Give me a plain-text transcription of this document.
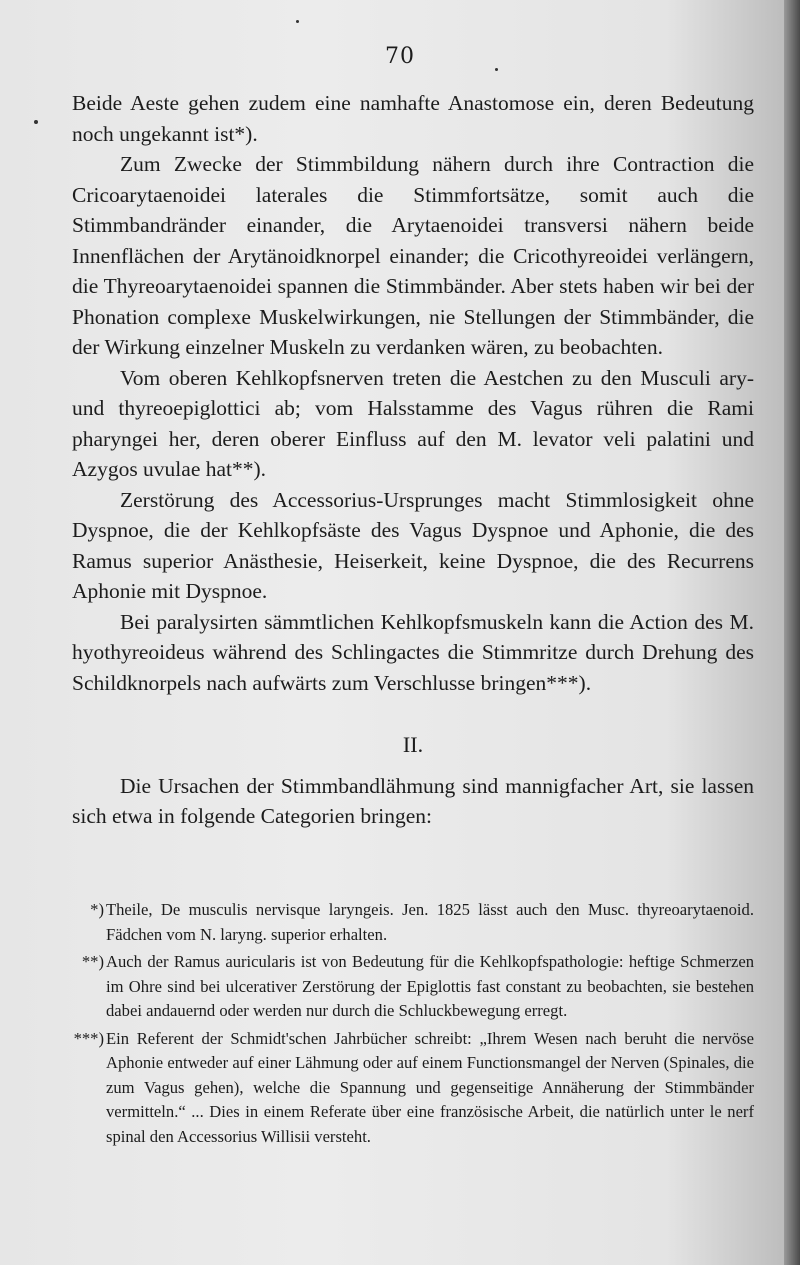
70

Beide Aeste gehen zudem eine namhafte Anastomose ein, deren Bedeutung noch ungekannt ist*).

Zum Zwecke der Stimmbildung nähern durch ihre Contraction die Cricoarytaenoidei laterales die Stimmfortsätze, somit auch die Stimmbandränder einander, die Arytaenoidei transversi nähern beide Innenflächen der Arytänoidknorpel einander; die Cricothyreoidei verlängern, die Thyreoarytaenoidei spannen die Stimmbänder. Aber stets haben wir bei der Phonation complexe Muskelwirkungen, nie Stellungen der Stimmbänder, die der Wirkung einzelner Muskeln zu verdanken wären, zu beobachten.

Vom oberen Kehlkopfsnerven treten die Aestchen zu den Musculi ary- und thyreoepiglottici ab; vom Halsstamme des Vagus rühren die Rami pharyngei her, deren oberer Einfluss auf den M. levator veli palatini und Azygos uvulae hat**).

Zerstörung des Accessorius-Ursprunges macht Stimmlosigkeit ohne Dyspnoe, die der Kehlkopfsäste des Vagus Dyspnoe und Aphonie, die des Ramus superior Anästhesie, Heiserkeit, keine Dyspnoe, die des Recurrens Aphonie mit Dyspnoe.

Bei paralysirten sämmtlichen Kehlkopfsmuskeln kann die Action des M. hyothyreoideus während des Schlingactes die Stimmritze durch Drehung des Schildknorpels nach aufwärts zum Verschlusse bringen***).

II.

Die Ursachen der Stimmbandlähmung sind mannigfacher Art, sie lassen sich etwa in folgende Categorien bringen:

*) Theile, De musculis nervisque laryngeis. Jen. 1825 lässt auch den Musc. thyreoarytaenoid. Fädchen vom N. laryng. superior erhalten.
**) Auch der Ramus auricularis ist von Bedeutung für die Kehlkopfspathologie: heftige Schmerzen im Ohre sind bei ulcerativer Zerstörung der Epiglottis fast constant zu beobachten, sie bestehen dabei andauernd oder werden nur durch die Schluckbewegung erregt.
***) Ein Referent der Schmidt'schen Jahrbücher schreibt: „Ihrem Wesen nach beruht die nervöse Aphonie entweder auf einer Lähmung oder auf einem Functionsmangel der Nerven (Spinales, die zum Vagus gehen), welche die Spannung und gegenseitige Annäherung der Stimmbänder vermitteln.“ ... Dies in einem Referate über eine französische Arbeit, die natürlich unter le nerf spinal den Accessorius Willisii versteht.
